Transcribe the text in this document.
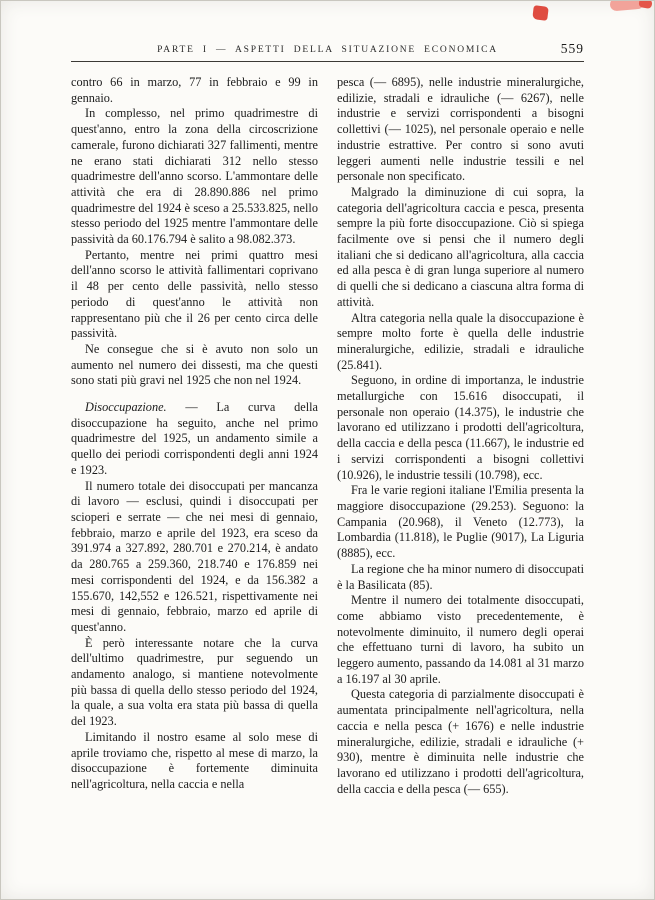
PARTE I — ASPETTI DELLA SITUAZIONE ECONOMICA	559

contro 66 in marzo, 77 in febbraio e 99 in gennaio.

In complesso, nel primo quadrimestre di quest'anno, entro la zona della circoscrizione camerale, furono dichiarati 327 fallimenti, mentre ne erano stati dichiarati 312 nello stesso quadrimestre dell'anno scorso. L'ammontare delle attività che era di 28.890.886 nel primo quadrimestre del 1924 è sceso a 25.533.825, nello stesso periodo del 1925 mentre l'ammontare delle passività da 60.176.794 è salito a 98.082.373.

Pertanto, mentre nei primi quattro mesi dell'anno scorso le attività fallimentari coprivano il 48 per cento delle passività, nello stesso periodo di quest'anno le attività non rappresentano più che il 26 per cento circa delle passività.

Ne consegue che si è avuto non solo un aumento nel numero dei dissesti, ma che questi sono stati più gravi nel 1925 che non nel 1924.

Disoccupazione. — La curva della disoccupazione ha seguito, anche nel primo quadrimestre del 1925, un andamento simile a quello dei periodi corrispondenti degli anni 1924 e 1923.

Il numero totale dei disoccupati per mancanza di lavoro — esclusi, quindi i disoccupati per scioperi e serrate — che nei mesi di gennaio, febbraio, marzo e aprile del 1923, era sceso da 391.974 a 327.892, 280.701 e 270.214, è andato da 280.765 a 259.360, 218.740 e 176.859 nei mesi corrispondenti del 1924, e da 156.382 a 155.670, 142,552 e 126.521, rispettivamente nei mesi di gennaio, febbraio, marzo ed aprile di quest'anno.

È però interessante notare che la curva dell'ultimo quadrimestre, pur seguendo un andamento analogo, si mantiene notevolmente più bassa di quella dello stesso periodo del 1924, la quale, a sua volta era stata più bassa di quella del 1923.

Limitando il nostro esame al solo mese di aprile troviamo che, rispetto al mese di marzo, la disoccupazione è fortemente diminuita nell'agricoltura, nella caccia e nella

pesca (— 6895), nelle industrie mineralurgiche, edilizie, stradali e idrauliche (— 6267), nelle industrie e servizi corrispondenti a bisogni collettivi (— 1025), nel personale operaio e nelle industrie estrattive. Per contro si sono avuti leggeri aumenti nelle industrie tessili e nel personale non specificato.

Malgrado la diminuzione di cui sopra, la categoria dell'agricoltura caccia e pesca, presenta sempre la più forte disoccupazione. Ciò si spiega facilmente ove si pensi che il numero degli italiani che si dedicano all'agricoltura, alla caccia ed alla pesca è di gran lunga superiore al numero di quelli che si dedicano a ciascuna altra forma di attività.

Altra categoria nella quale la disoccupazione è sempre molto forte è quella delle industrie mineralurgiche, edilizie, stradali e idrauliche (25.841).

Seguono, in ordine di importanza, le industrie metallurgiche con 15.616 disoccupati, il personale non operaio (14.375), le industrie che lavorano ed utilizzano i prodotti dell'agricoltura, della caccia e della pesca (11.667), le industrie ed i servizi corrispondenti a bisogni collettivi (10.926), le industrie tessili (10.798), ecc.

Fra le varie regioni italiane l'Emilia presenta la maggiore disoccupazione (29.253). Seguono: la Campania (20.968), il Veneto (12.773), la Lombardia (11.818), le Puglie (9017), La Liguria (8885), ecc.

La regione che ha minor numero di disoccupati è la Basilicata (85).

Mentre il numero dei totalmente disoccupati, come abbiamo visto precedentemente, è notevolmente diminuito, il numero degli operai che effettuano turni di lavoro, ha subito un leggero aumento, passando da 14.081 al 31 marzo a 16.197 al 30 aprile.

Questa categoria di parzialmente disoccupati è aumentata principalmente nell'agricoltura, nella caccia e nella pesca (+ 1676) e nelle industrie mineralurgiche, edilizie, stradali e idrauliche (+ 930), mentre è diminuita nelle industrie che lavorano ed utilizzano i prodotti dell'agricoltura, della caccia e della pesca (— 655).
